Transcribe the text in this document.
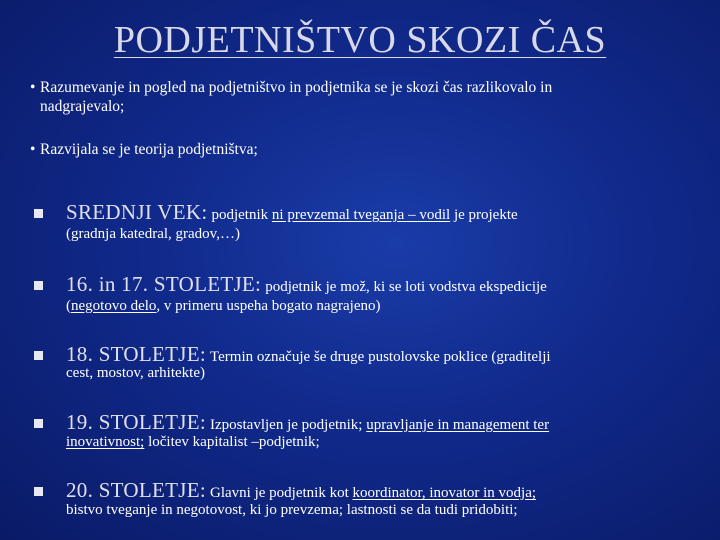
PODJETNIŠTVO SKOZI ČAS
• Razumevanje in pogled na podjetništvo in podjetnika se je skozi čas razlikovalo in
nadgrajevalo;
• Razvijala se je teorija podjetništva;
SREDNJI VEK: podjetnik ni prevzemal tveganja – vodil je projekte
(gradnja katedral, gradov,…)
16. in 17. STOLETJE: podjetnik je mož, ki se loti vodstva ekspedicije
(negotovo delo, v primeru uspeha bogato nagrajeno)
18. STOLETJE: Termin označuje še druge pustolovske poklice (graditelji
cest, mostov, arhitekte)
19. STOLETJE: Izpostavljen je podjetnik; upravljanje in management ter
inovativnost; ločitev kapitalist –podjetnik;
20. STOLETJE: Glavni je podjetnik kot koordinator, inovator in vodja;
bistvo tveganje in negotovost, ki jo prevzema; lastnosti se da tudi pridobiti;
